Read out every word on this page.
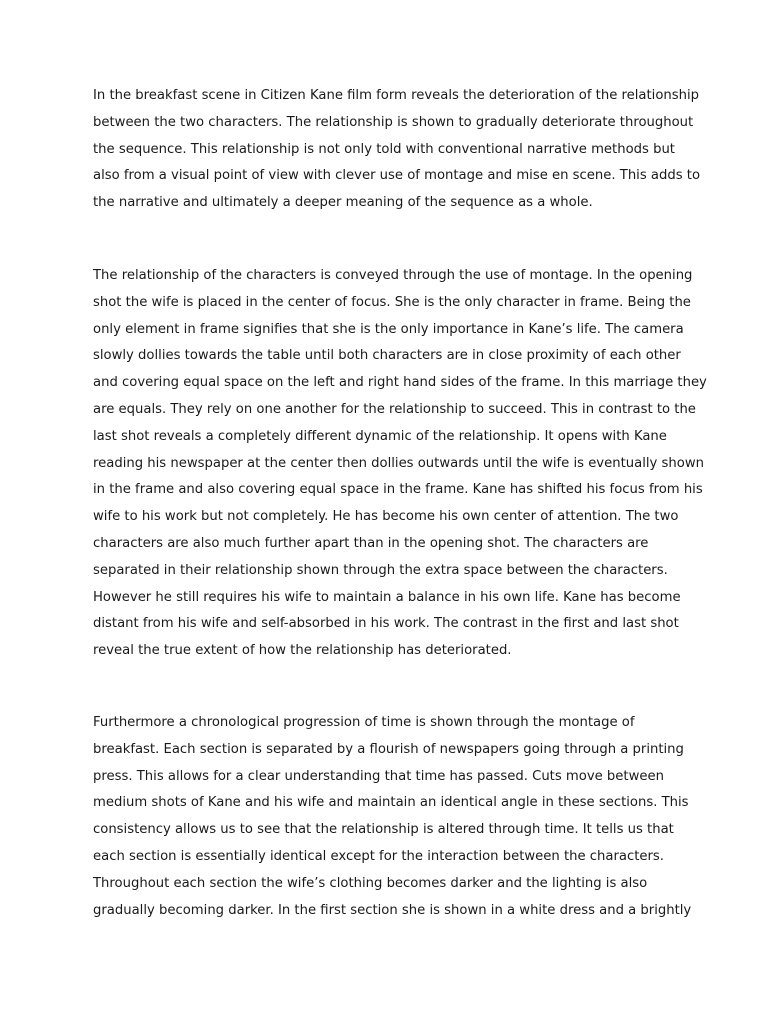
In the breakfast scene in Citizen Kane film form reveals the deterioration of the relationship
between the two characters. The relationship is shown to gradually deteriorate throughout
the sequence. This relationship is not only told with conventional narrative methods but
also from a visual point of view with clever use of montage and mise en scene. This adds to
the narrative and ultimately a deeper meaning of the sequence as a whole.

The relationship of the characters is conveyed through the use of montage. In the opening
shot the wife is placed in the center of focus. She is the only character in frame. Being the
only element in frame signifies that she is the only importance in Kane’s life. The camera
slowly dollies towards the table until both characters are in close proximity of each other
and covering equal space on the left and right hand sides of the frame. In this marriage they
are equals. They rely on one another for the relationship to succeed. This in contrast to the
last shot reveals a completely different dynamic of the relationship. It opens with Kane
reading his newspaper at the center then dollies outwards until the wife is eventually shown
in the frame and also covering equal space in the frame. Kane has shifted his focus from his
wife to his work but not completely. He has become his own center of attention. The two
characters are also much further apart than in the opening shot. The characters are
separated in their relationship shown through the extra space between the characters.
However he still requires his wife to maintain a balance in his own life. Kane has become
distant from his wife and self-absorbed in his work. The contrast in the first and last shot
reveal the true extent of how the relationship has deteriorated.

Furthermore a chronological progression of time is shown through the montage of
breakfast. Each section is separated by a flourish of newspapers going through a printing
press. This allows for a clear understanding that time has passed. Cuts move between
medium shots of Kane and his wife and maintain an identical angle in these sections. This
consistency allows us to see that the relationship is altered through time. It tells us that
each section is essentially identical except for the interaction between the characters.
Throughout each section the wife’s clothing becomes darker and the lighting is also
gradually becoming darker. In the first section she is shown in a white dress and a brightly
